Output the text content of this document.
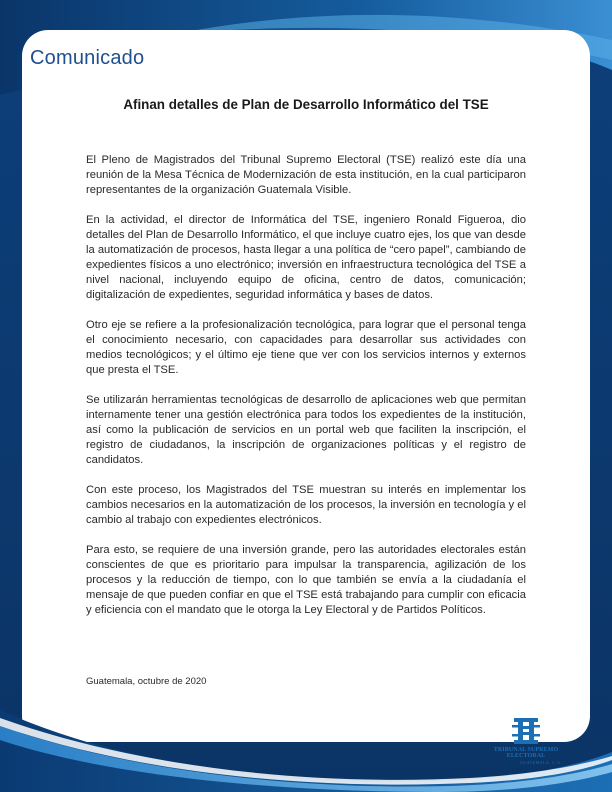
Comunicado
Afinan detalles de Plan de Desarrollo Informático del TSE

El Pleno de Magistrados del Tribunal Supremo Electoral (TSE) realizó este día una reunión de la Mesa Técnica de Modernización de esta institución, en la cual participaron representantes de la organización Guatemala Visible.

En la actividad, el director de Informática del TSE, ingeniero Ronald Figueroa, dio detalles del Plan de Desarrollo Informático, el que incluye cuatro ejes, los que van desde la automatización de procesos, hasta llegar a una política de “cero papel”, cambiando de expedientes físicos a uno electrónico; inversión en infraestructura tecnológica del TSE a nivel nacional, incluyendo equipo de oficina, centro de datos, comunicación; digitalización de expedientes, seguridad informática y bases de datos.

Otro eje se refiere a la profesionalización tecnológica, para lograr que el personal tenga el conocimiento necesario, con capacidades para desarrollar sus actividades con medios tecnológicos; y el último eje tiene que ver con los servicios internos y externos que presta el TSE.

Se utilizarán herramientas tecnológicas de desarrollo de aplicaciones web que permitan internamente tener una gestión electrónica para todos los expedientes de la institución, así como la publicación de servicios en un portal web que faciliten la inscripción, el registro de ciudadanos, la inscripción de organizaciones políticas y el registro de candidatos.

Con este proceso, los Magistrados del TSE muestran su interés en implementar los cambios necesarios en la automatización de los procesos, la inversión en tecnología y el cambio al trabajo con expedientes electrónicos.

Para esto, se requiere de una inversión grande, pero las autoridades electorales están conscientes de que es prioritario para impulsar la transparencia, agilización de los procesos y la reducción de tiempo, con lo que también se envía a la ciudadanía el mensaje de que pueden confiar en que el TSE está trabajando para cumplir con eficacia y eficiencia con el mandato que le otorga la Ley Electoral y de Partidos Políticos.

Guatemala, octubre de 2020
TRIBUNAL SUPREMO ELECTORAL
GUATEMALA, C.A.
